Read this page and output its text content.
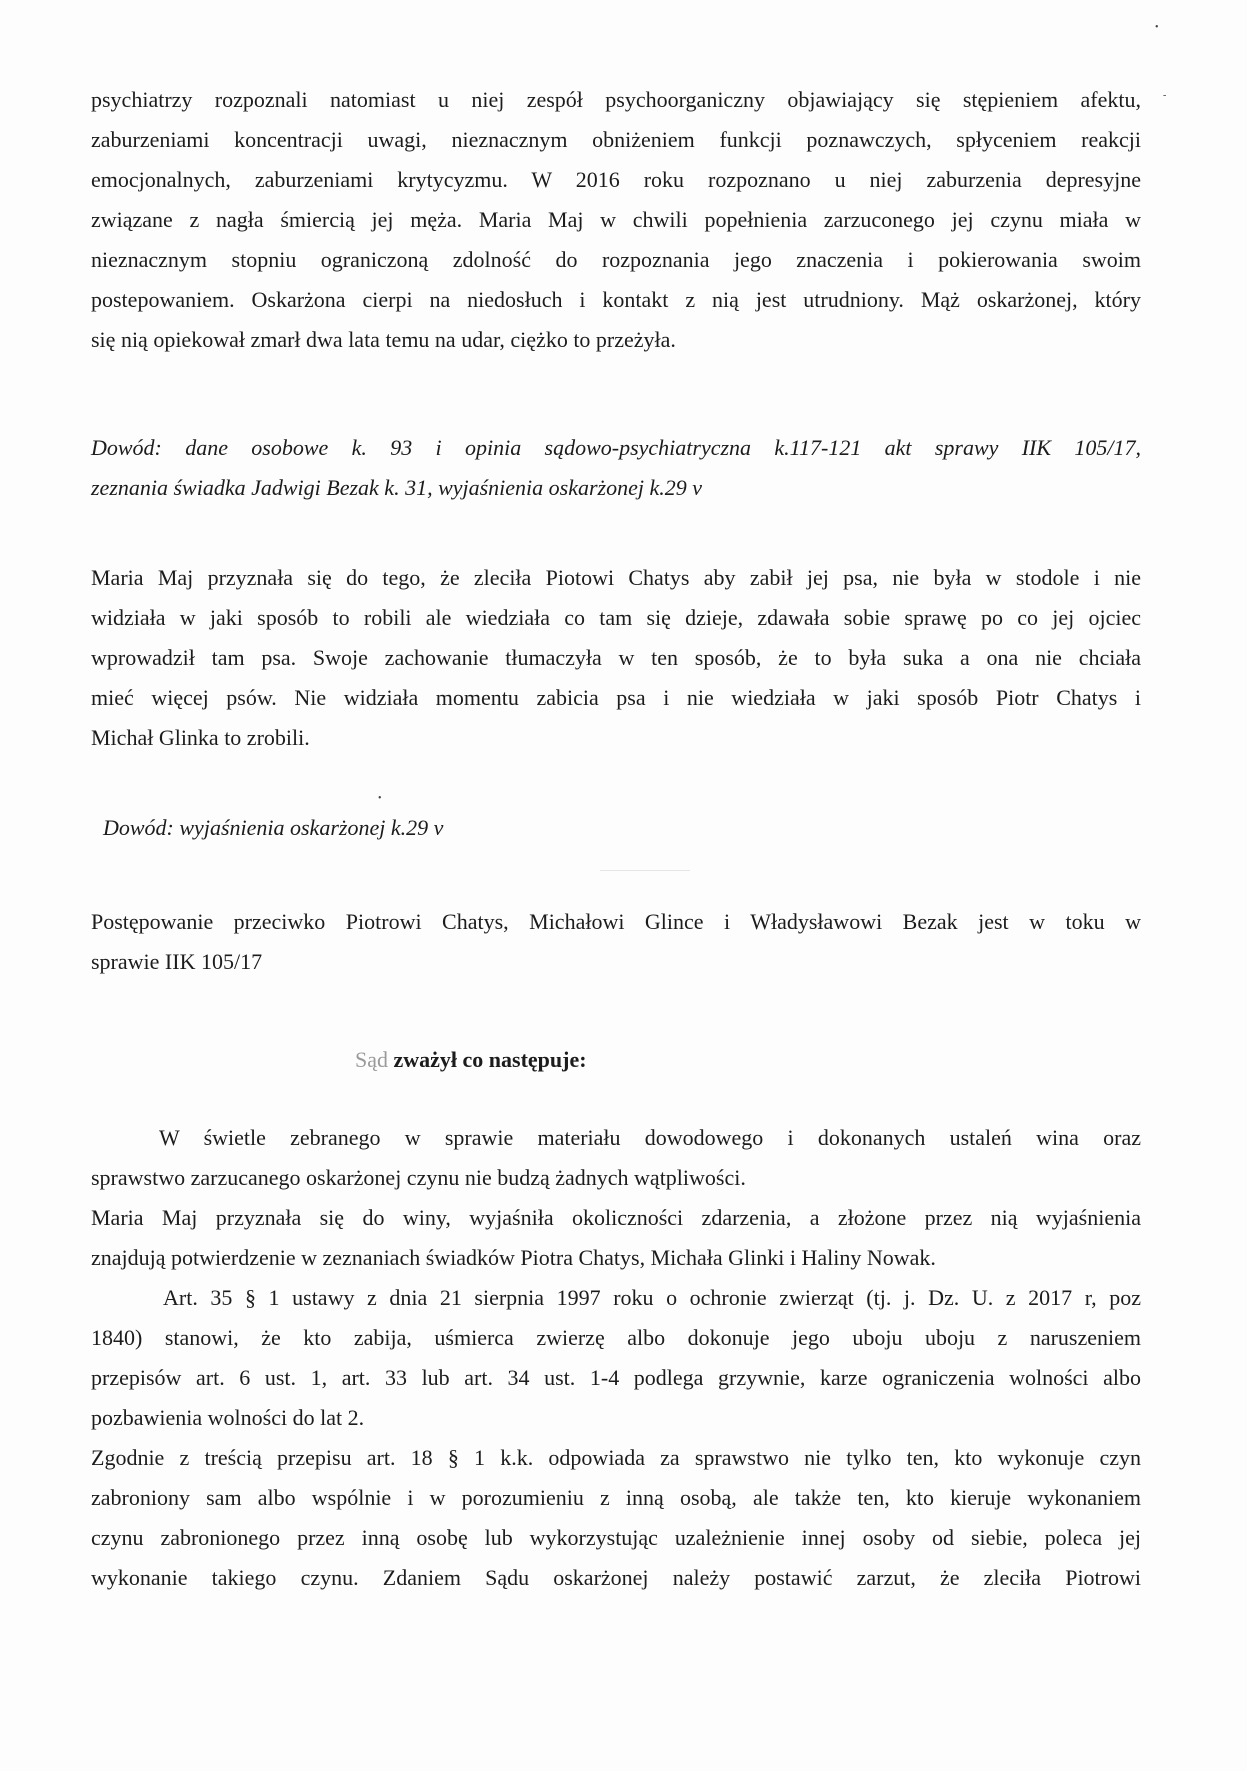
•
-
•
psychiatrzy rozpoznali natomiast u niej zespół psychoorganiczny objawiający się stępieniem afektu,
zaburzeniami koncentracji uwagi, nieznacznym obniżeniem funkcji poznawczych, spłyceniem reakcji
emocjonalnych, zaburzeniami krytycyzmu. W 2016 roku rozpoznano u niej zaburzenia depresyjne
związane z nagła śmiercią jej męża. Maria Maj w chwili popełnienia zarzuconego jej czynu miała w
nieznacznym stopniu ograniczoną zdolność do rozpoznania jego znaczenia i pokierowania swoim
postepowaniem. Oskarżona cierpi na niedosłuch i kontakt z nią jest utrudniony. Mąż oskarżonej, który
się nią opiekował zmarł dwa lata temu na udar, ciężko to przeżyła.
Dowód: dane osobowe k. 93 i opinia sądowo-psychiatryczna k.117-121 akt sprawy IIK 105/17,
zeznania świadka Jadwigi Bezak k. 31, wyjaśnienia oskarżonej k.29 v
Maria Maj przyznała się do tego, że zleciła Piotowi Chatys aby zabił jej psa, nie była w stodole i nie
widziała w jaki sposób to robili ale wiedziała co tam się dzieje, zdawała sobie sprawę po co jej ojciec
wprowadził tam psa. Swoje zachowanie tłumaczyła w ten sposób, że to była suka a ona nie chciała
mieć więcej psów. Nie widziała momentu zabicia psa i nie wiedziała w jaki sposób Piotr Chatys i
Michał Glinka to zrobili.
Dowód: wyjaśnienia oskarżonej k.29 v
Postępowanie przeciwko Piotrowi Chatys, Michałowi Glince i Władysławowi Bezak jest w toku w
sprawie IIK 105/17
Sąd zważył co następuje:
W świetle zebranego w sprawie materiału dowodowego i dokonanych ustaleń wina oraz
sprawstwo zarzucanego oskarżonej czynu nie budzą żadnych wątpliwości.
Maria Maj przyznała się do winy, wyjaśniła okoliczności zdarzenia, a złożone przez nią wyjaśnienia
znajdują potwierdzenie w zeznaniach świadków Piotra Chatys, Michała Glinki i Haliny Nowak.
Art. 35 § 1 ustawy z dnia 21 sierpnia 1997 roku o ochronie zwierząt (tj. j. Dz. U. z 2017 r, poz
1840) stanowi, że kto zabija, uśmierca zwierzę albo dokonuje jego uboju uboju z naruszeniem
przepisów art. 6 ust. 1, art. 33 lub art. 34 ust. 1-4 podlega grzywnie, karze ograniczenia wolności albo
pozbawienia wolności do lat 2.
Zgodnie z treścią przepisu art. 18 § 1 k.k. odpowiada za sprawstwo nie tylko ten, kto wykonuje czyn
zabroniony sam albo wspólnie i w porozumieniu z inną osobą, ale także ten, kto kieruje wykonaniem
czynu zabronionego przez inną osobę lub wykorzystując uzależnienie innej osoby od siebie, poleca jej
wykonanie takiego czynu. Zdaniem Sądu oskarżonej należy postawić zarzut, że zleciła Piotrowi
